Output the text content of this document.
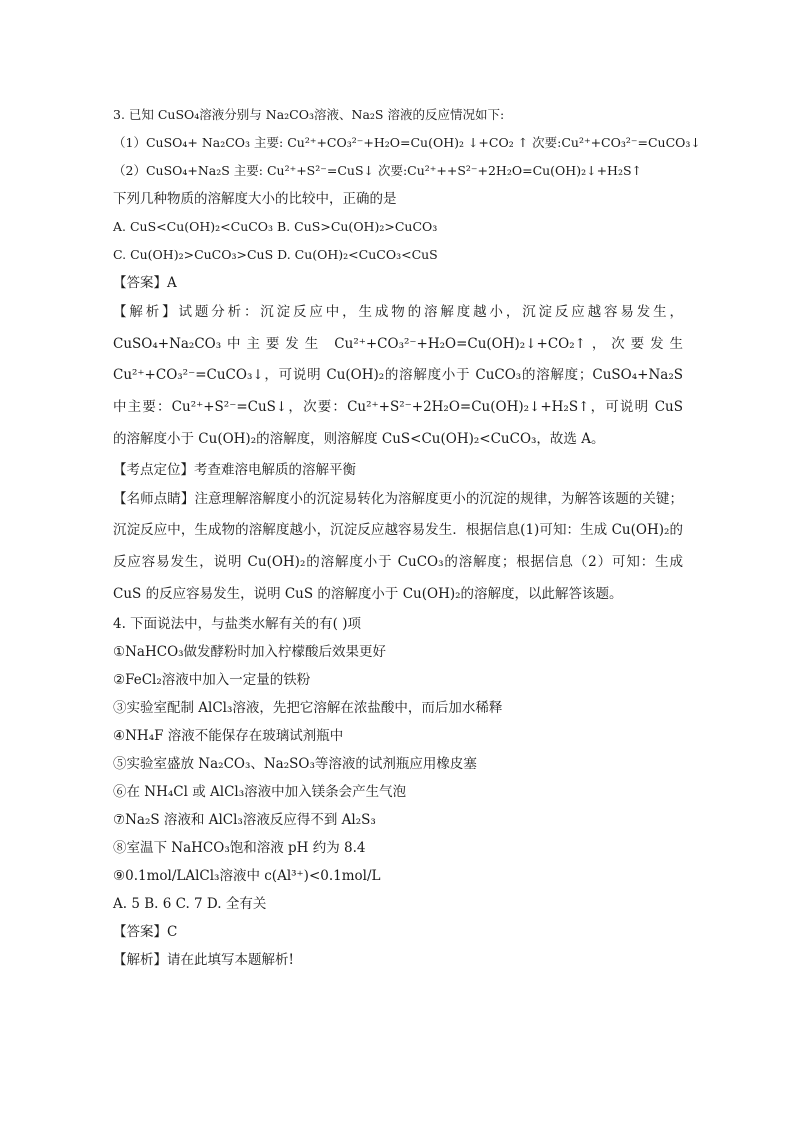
3. 已知 CuSO₄溶液分别与 Na₂CO₃溶液、Na₂S 溶液的反应情况如下:
（1）CuSO₄+ Na₂CO₃ 主要: Cu²⁺+CO₃²⁻+H₂O=Cu(OH)₂ ↓+CO₂ ↑ 次要:Cu²⁺+CO₃²⁻=CuCO₃↓
（2）CuSO₄+Na₂S 主要: Cu²⁺+S²⁻=CuS↓ 次要:Cu²⁺++S²⁻+2H₂O=Cu(OH)₂↓+H₂S↑
下列几种物质的溶解度大小的比较中，正确的是
A. CuS<Cu(OH)₂<CuCO₃ B. CuS>Cu(OH)₂>CuCO₃
C. Cu(OH)₂>CuCO₃>CuS D. Cu(OH)₂<CuCO₃<CuS
【答案】A
【解析】试题分析：沉淀反应中，生成物的溶解度越小，沉淀反应越容易发生，CuSO₄+Na₂CO₃中主要发生 Cu²⁺+CO₃²⁻+H₂O=Cu(OH)₂↓+CO₂↑，次要发生 Cu²⁺+CO₃²⁻=CuCO₃↓，可说明 Cu(OH)₂的溶解度小于 CuCO₃的溶解度；CuSO₄+Na₂S 中主要：Cu²⁺+S²⁻=CuS↓，次要：Cu²⁺+S²⁻+2H₂O=Cu(OH)₂↓+H₂S↑，可说明 CuS 的溶解度小于 Cu(OH)₂的溶解度，则溶解度 CuS<Cu(OH)₂<CuCO₃，故选 A。
【考点定位】考查难溶电解质的溶解平衡
【名师点睛】注意理解溶解度小的沉淀易转化为溶解度更小的沉淀的规律，为解答该题的关键；沉淀反应中，生成物的溶解度越小，沉淀反应越容易发生．根据信息(1)可知：生成 Cu(OH)₂的反应容易发生，说明 Cu(OH)₂的溶解度小于 CuCO₃的溶解度；根据信息（2）可知：生成 CuS 的反应容易发生，说明 CuS 的溶解度小于 Cu(OH)₂的溶解度，以此解答该题。
4. 下面说法中，与盐类水解有关的有( )项
①NaHCO₃做发酵粉时加入柠檬酸后效果更好
②FeCl₂溶液中加入一定量的铁粉
③实验室配制 AlCl₃溶液，先把它溶解在浓盐酸中，而后加水稀释
④NH₄F 溶液不能保存在玻璃试剂瓶中
⑤实验室盛放 Na₂CO₃、Na₂SO₃等溶液的试剂瓶应用橡皮塞
⑥在 NH₄Cl 或 AlCl₃溶液中加入镁条会产生气泡
⑦Na₂S 溶液和 AlCl₃溶液反应得不到 Al₂S₃
⑧室温下 NaHCO₃饱和溶液 pH 约为 8.4
⑨0.1mol/LAlCl₃溶液中 c(Al³⁺)<0.1mol/L
A. 5 B. 6 C. 7 D. 全有关
【答案】C
【解析】请在此填写本题解析!
